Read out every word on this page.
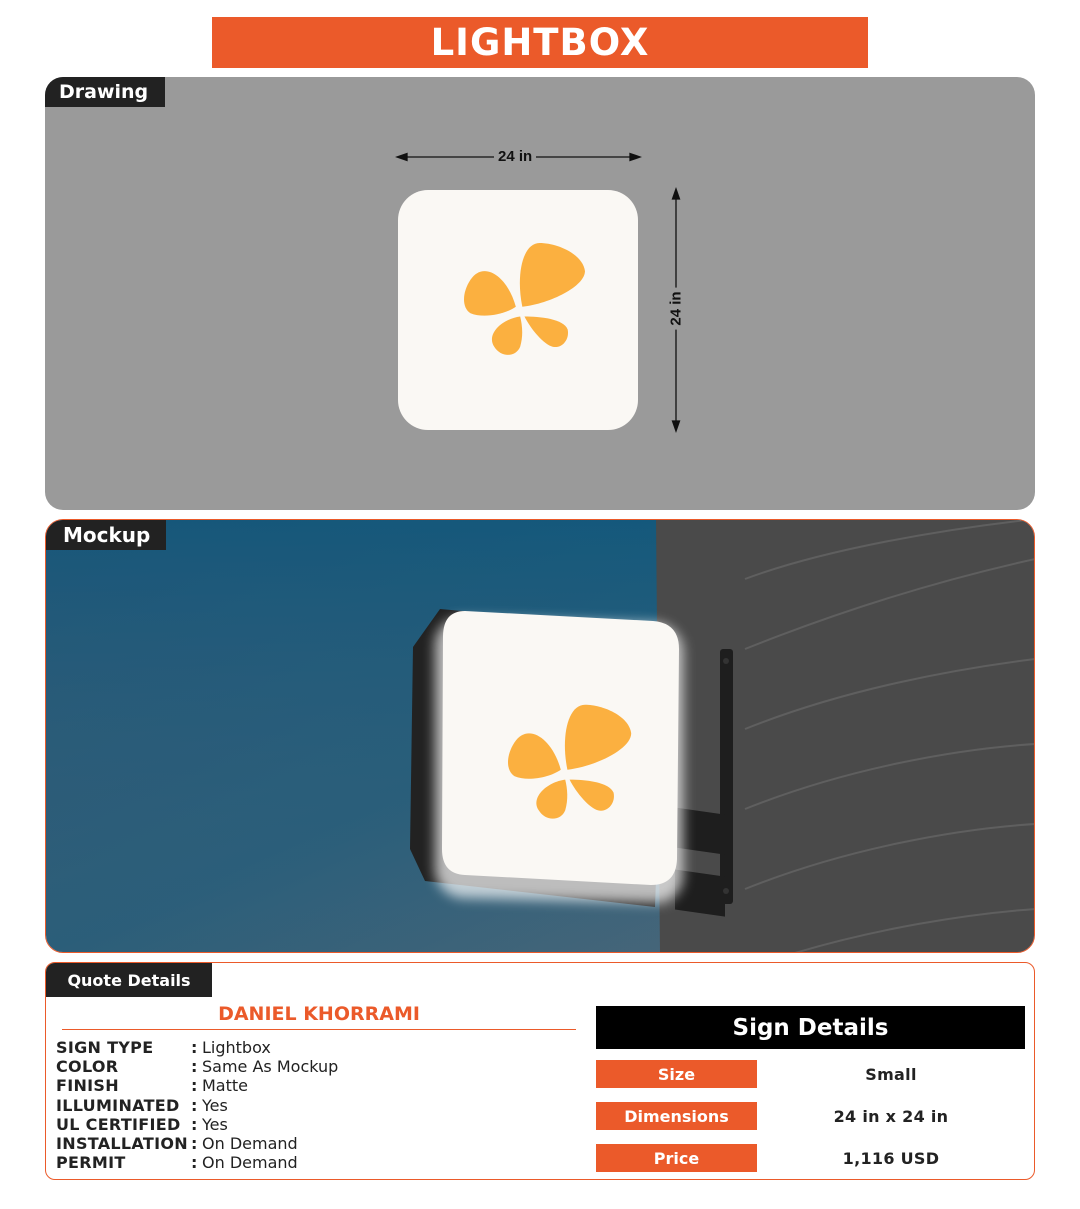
LIGHTBOX
Drawing
24 in
24 in
Mockup
Quote Details
DANIEL KHORRAMI
SIGN TYPE	: Lightbox
COLOR	: Same As Mockup
FINISH	: Matte
ILLUMINATED : Yes
UL CERTIFIED : Yes
INSTALLATION : On Demand
PERMIT	: On Demand
Sign Details
Size	Small
Dimensions	24 in x 24 in
Price	1,116 USD
